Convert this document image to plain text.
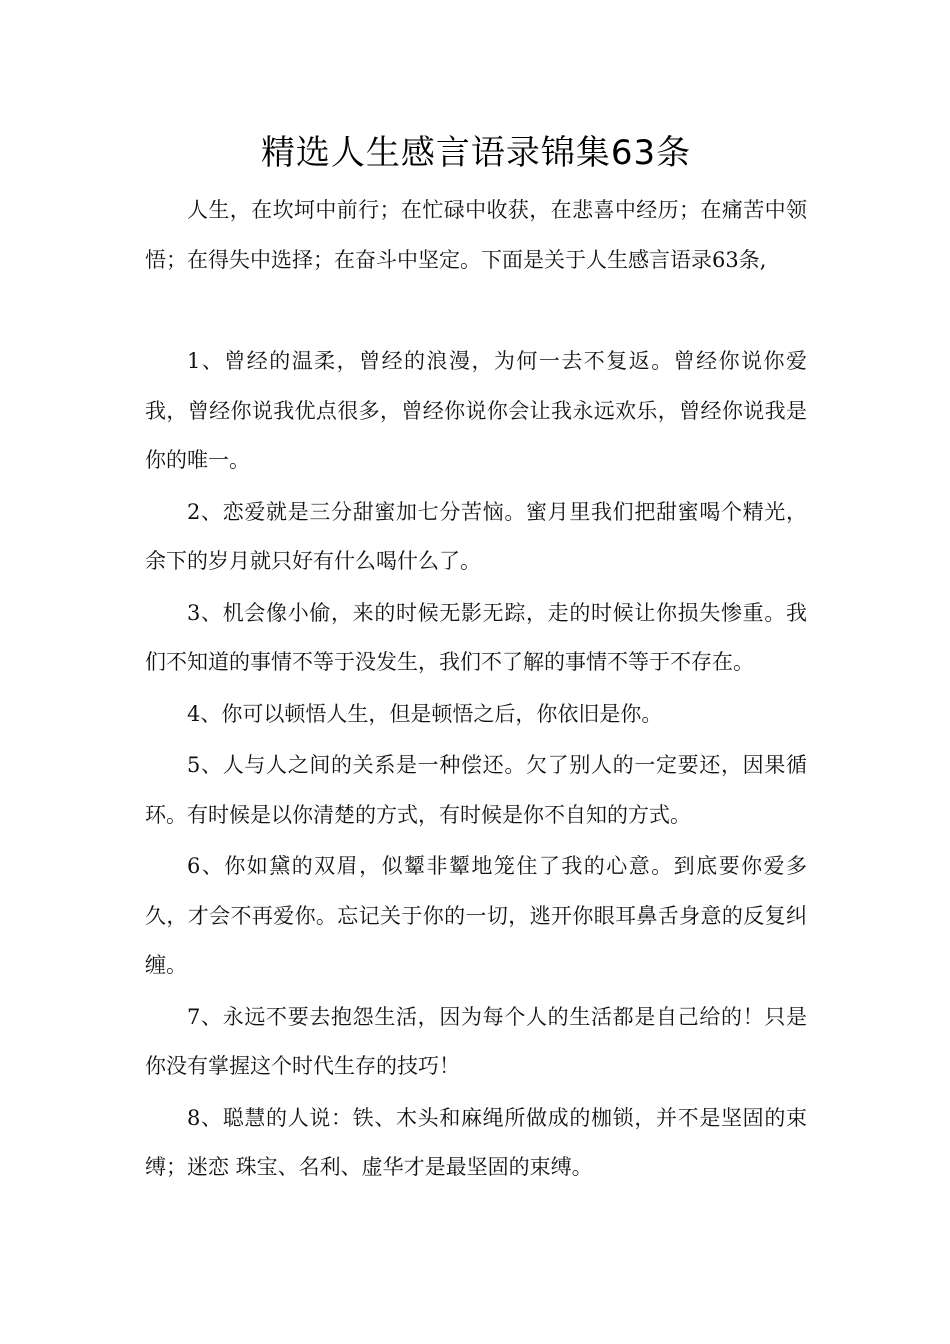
精选人生感言语录锦集63条

人生，在坎坷中前行；在忙碌中收获，在悲喜中经历；在痛苦中领悟；在得失中选择；在奋斗中坚定。下面是关于人生感言语录63条,

1、曾经的温柔，曾经的浪漫，为何一去不复返。曾经你说你爱我，曾经你说我优点很多，曾经你说你会让我永远欢乐，曾经你说我是你的唯一。

2、恋爱就是三分甜蜜加七分苦恼。蜜月里我们把甜蜜喝个精光，余下的岁月就只好有什么喝什么了。

3、机会像小偷，来的时候无影无踪，走的时候让你损失惨重。我们不知道的事情不等于没发生，我们不了解的事情不等于不存在。

4、你可以顿悟人生，但是顿悟之后，你依旧是你。

5、人与人之间的关系是一种偿还。欠了别人的一定要还，因果循环。有时候是以你清楚的方式，有时候是你不自知的方式。

6、你如黛的双眉，似颦非颦地笼住了我的心意。到底要你爱多久，才会不再爱你。忘记关于你的一切，逃开你眼耳鼻舌身意的反复纠缠。

7、永远不要去抱怨生活，因为每个人的生活都是自己给的！只是你没有掌握这个时代生存的技巧！

8、聪慧的人说：铁、木头和麻绳所做成的枷锁，并不是坚固的束缚；迷恋 珠宝、名利、虚华才是最坚固的束缚。
